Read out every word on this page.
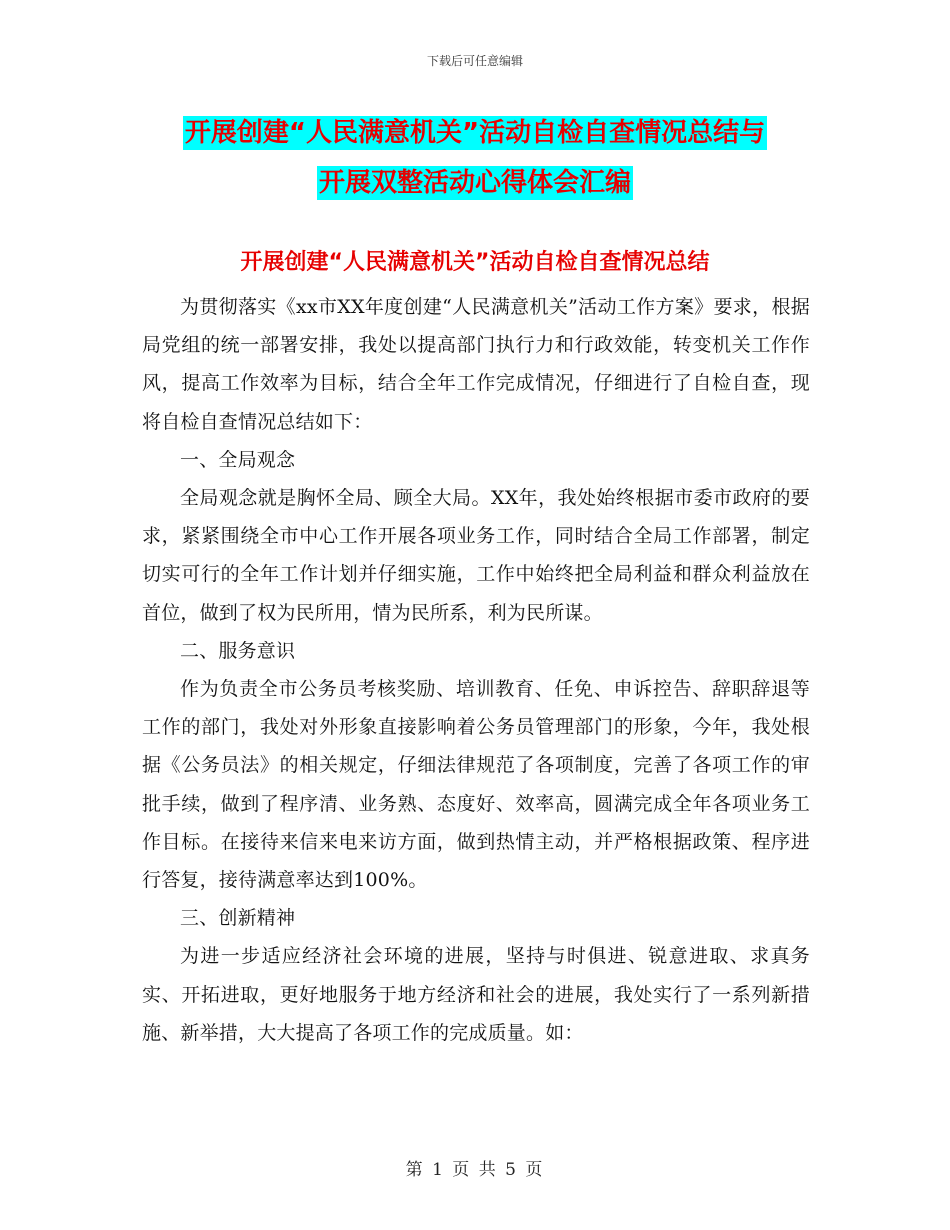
下载后可任意编辑
开展创建“人民满意机关”活动自检自查情况总结与
开展双整活动心得体会汇编
开展创建“人民满意机关”活动自检自查情况总结

为贯彻落实《xx市XX年度创建“人民满意机关”活动工作方案》要求，根据局党组的统一部署安排，我处以提高部门执行力和行政效能，转变机关工作作风，提高工作效率为目标，结合全年工作完成情况，仔细进行了自检自查，现将自检自查情况总结如下：

一、全局观念

全局观念就是胸怀全局、顾全大局。XX年，我处始终根据市委市政府的要求，紧紧围绕全市中心工作开展各项业务工作，同时结合全局工作部署，制定切实可行的全年工作计划并仔细实施，工作中始终把全局利益和群众利益放在首位，做到了权为民所用，情为民所系，利为民所谋。

二、服务意识

作为负责全市公务员考核奖励、培训教育、任免、申诉控告、辞职辞退等工作的部门，我处对外形象直接影响着公务员管理部门的形象，今年，我处根据《公务员法》的相关规定，仔细法律规范了各项制度，完善了各项工作的审批手续，做到了程序清、业务熟、态度好、效率高，圆满完成全年各项业务工作目标。在接待来信来电来访方面，做到热情主动，并严格根据政策、程序进行答复，接待满意率达到100%。

三、创新精神

为进一步适应经济社会环境的进展，坚持与时俱进、锐意进取、求真务实、开拓进取，更好地服务于地方经济和社会的进展，我处实行了一系列新措施、新举措，大大提高了各项工作的完成质量。如：

第 1 页 共 5 页
